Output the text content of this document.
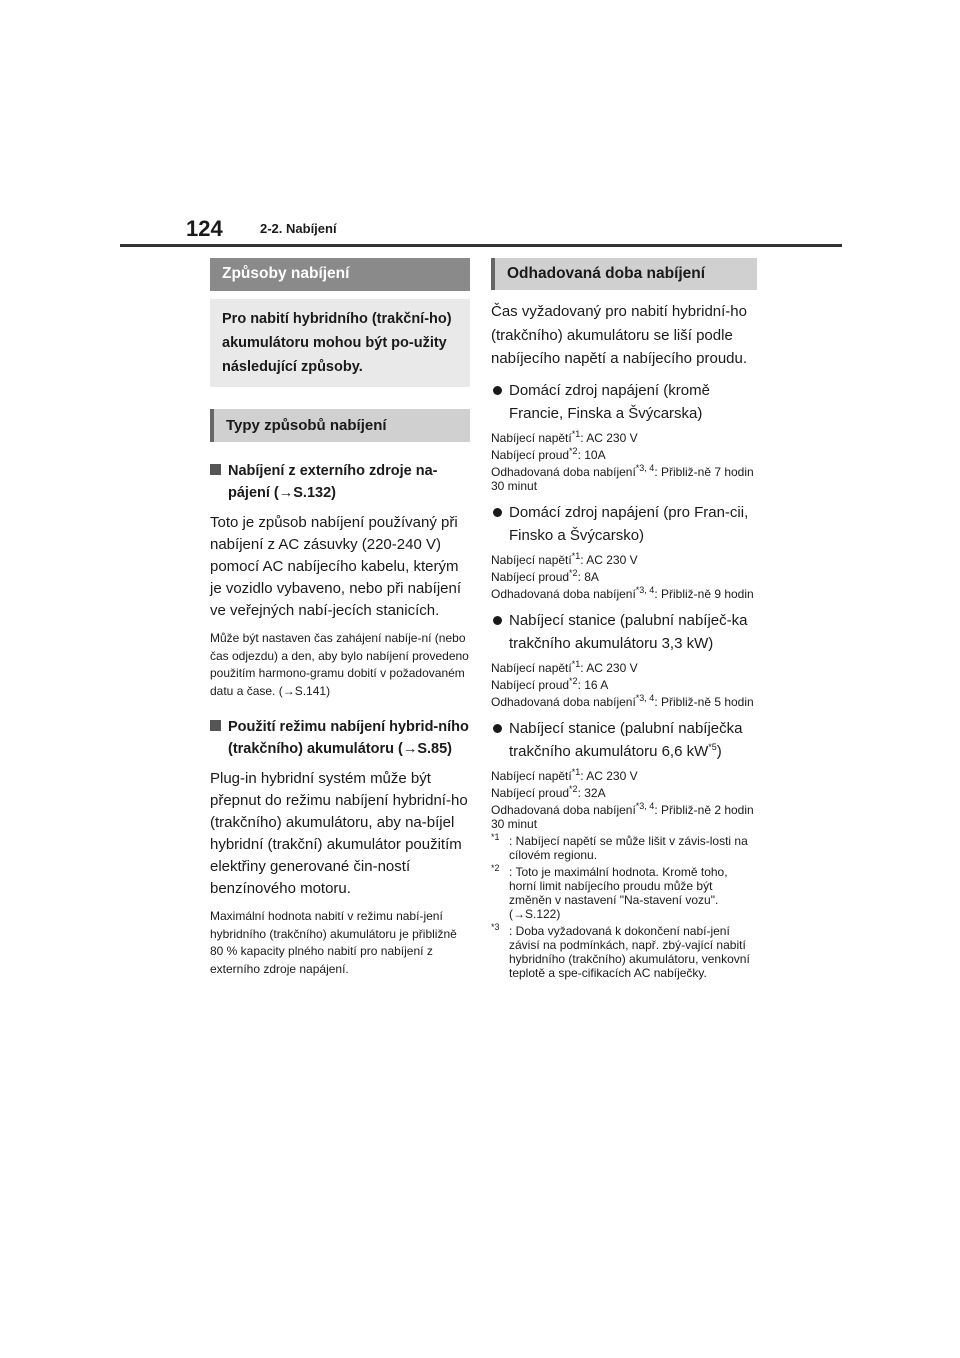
124	2-2. Nabíjení
Způsoby nabíjení
Pro nabití hybridního (trakční-ho) akumulátoru mohou být po-užity následující způsoby.
Typy způsobů nabíjení
Nabíjení z externího zdroje na-pájení (→S.132)
Toto je způsob nabíjení používaný při nabíjení z AC zásuvky (220-240 V) pomocí AC nabíjecího kabelu, kterým je vozidlo vybaveno, nebo při nabíjení ve veřejných nabí-jecích stanicích.
Může být nastaven čas zahájení nabíje-ní (nebo čas odjezdu) a den, aby bylo nabíjení provedeno použitím harmono-gramu dobití v požadovaném datu a čase. (→S.141)
Použití režimu nabíjení hybrid-ního (trakčního) akumulátoru (→S.85)
Plug-in hybridní systém může být přepnut do režimu nabíjení hybridní-ho (trakčního) akumulátoru, aby na-bíjel hybridní (trakční) akumulátor použitím elektřiny generované čin-ností benzínového motoru.
Maximální hodnota nabití v režimu nabí-jení hybridního (trakčního) akumulátoru je přibližně 80 % kapacity plného nabití pro nabíjení z externího zdroje napájení.
Odhadovaná doba nabíjení
Čas vyžadovaný pro nabití hybridní-ho (trakčního) akumulátoru se liší podle nabíjecího napětí a nabíjecího proudu.
Domácí zdroj napájení (kromě Francie, Finska a Švýcarska)
Nabíjecí napětí$^{*1}$: AC 230 V
Nabíjecí proud$^{*2}$: 10A
Odhadovaná doba nabíjení$^{*3, 4}$: Přibliž-ně 7 hodin 30 minut
Domácí zdroj napájení (pro Fran-cii, Finsko a Švýcarsko)
Nabíjecí napětí$^{*1}$: AC 230 V
Nabíjecí proud$^{*2}$: 8A
Odhadovaná doba nabíjení$^{*3, 4}$: Přibliž-ně 9 hodin
Nabíjecí stanice (palubní nabíječ-ka trakčního akumulátoru 3,3 kW)
Nabíjecí napětí$^{*1}$: AC 230 V
Nabíjecí proud$^{*2}$: 16 A
Odhadovaná doba nabíjení$^{*3, 4}$: Přibliž-ně 5 hodin
Nabíjecí stanice (palubní nabíječka trakčního akumulátoru 6,6 $kW^{*5}$)
Nabíjecí napětí$^{*1}$: AC 230 V
Nabíjecí proud$^{*2}$: 32A
Odhadovaná doba nabíjení$^{*3, 4}$: Přibliž-ně 2 hodin 30 minut
$^{*1}$ : Nabíjecí napětí se může lišit v závis-losti na cílovém regionu.
$^{*2}$ : Toto je maximální hodnota. Kromě toho, horní limit nabíjecího proudu může být změněn v nastavení "Na-stavení vozu". (→S.122)
$^{*3}$ : Doba vyžadovaná k dokončení nabí-jení závisí na podmínkách, např. zbý-vající nabití hybridního (trakčního) akumulátoru, venkovní teplotě a spe-cifikacích AC nabíječky.
